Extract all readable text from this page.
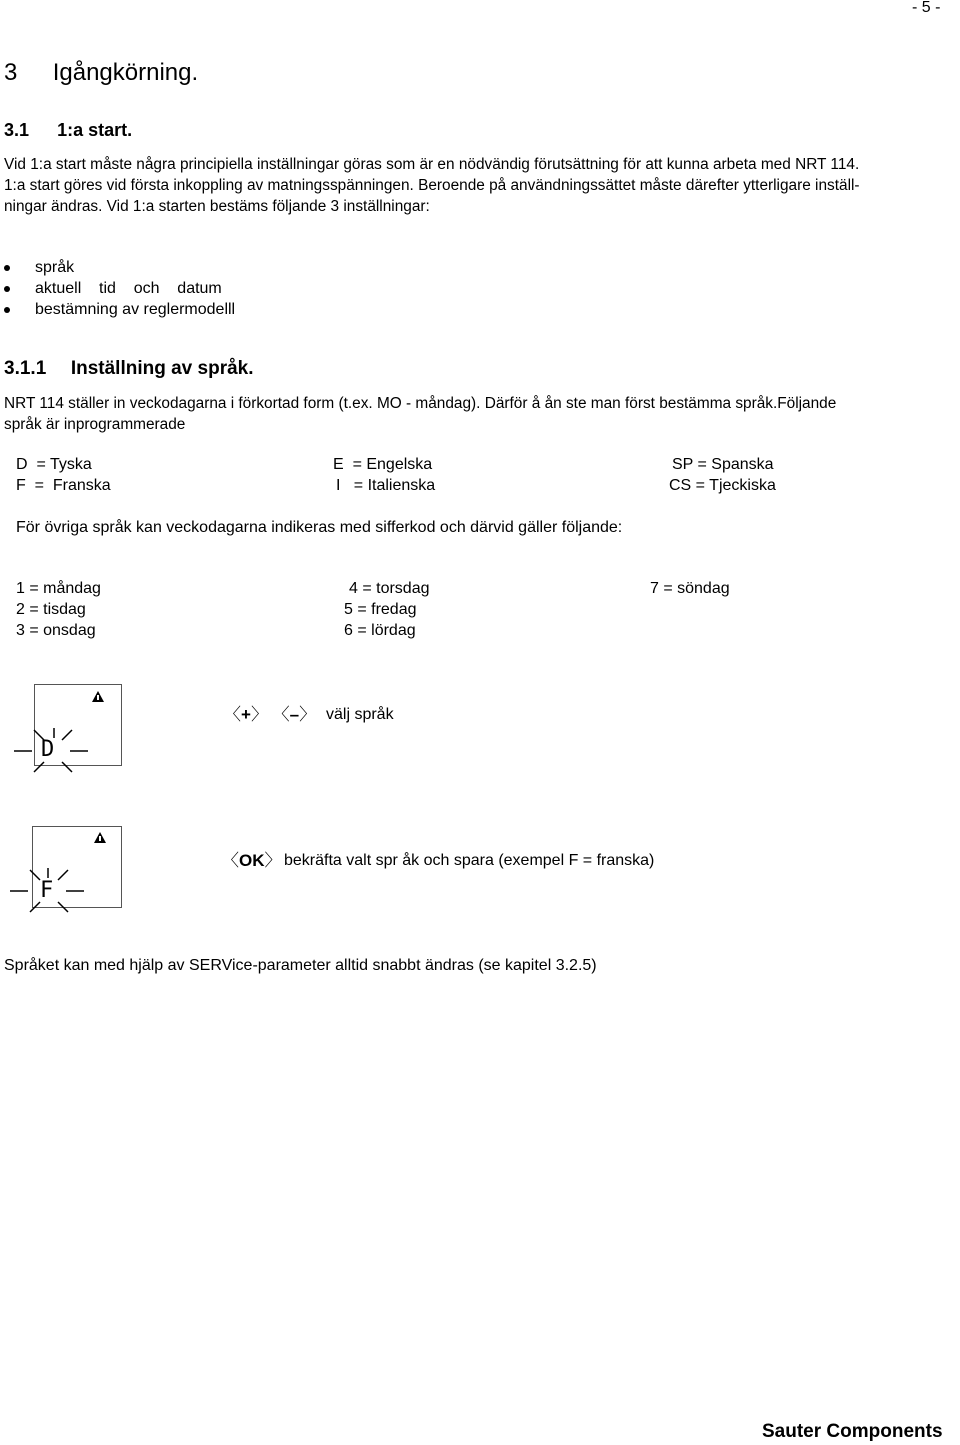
- 5 -
3 Igångkörning.
3.1 1:a start.
Vid 1:a start måste några principiella inställningar göras som är en nödvändig förutsättning för att kunna arbeta med NRT 114.
1:a start göres vid första inkoppling av matningsspänningen. Beroende på användningssättet måste därefter ytterligare inställ-
ningar ändras. Vid 1:a starten bestäms följande 3 inställningar:
språk
aktuell    tid    och    datum
bestämning av reglermodelll
3.1.1 Inställning av språk.
NRT 114 ställer in veckodagarna i förkortad form (t.ex. MO - måndag). Därför å ån ste man först bestämma språk.Följande
språk är inprogrammerade
D  = Tyska	E  = Engelska	SP = Spanska
F  =  Franska	I   = Italienska	CS = Tjeckiska
För övriga språk kan veckodagarna indikeras med sifferkod och därvid gäller följande:
1 = måndag	4 = torsdag	7 = söndag
2 = tisdag	5 = fredag
3 = onsdag	6 = lördag
D
〈+〉 〈–〉 välj språk
F
〈OK〉 bekräfta valt spr åk och spara (exempel F = franska)
Språket kan med hjälp av SERVice-parameter alltid snabbt ändras (se kapitel 3.2.5)
Sauter Components
